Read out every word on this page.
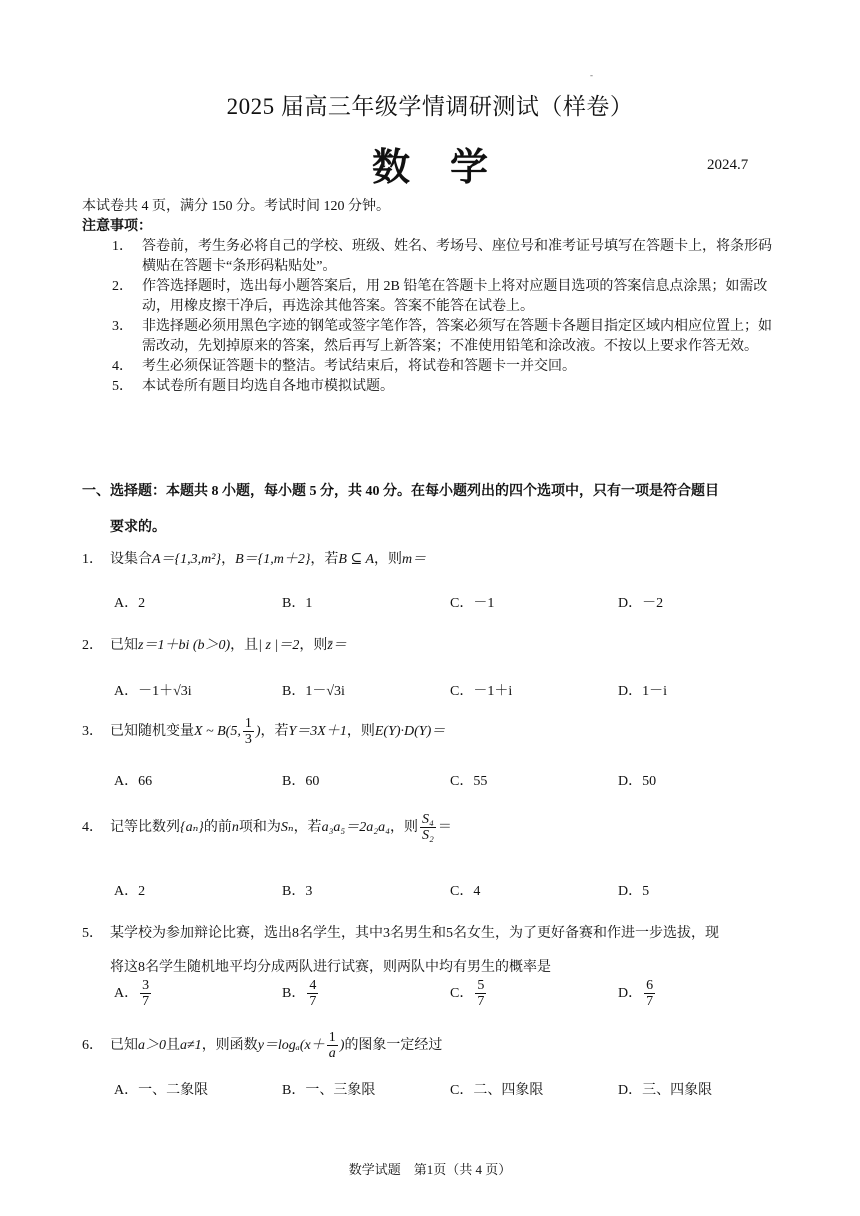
-
2025 届高三年级学情调研测试（样卷）
数学	2024.7
本试卷共 4 页，满分 150 分。考试时间 120 分钟。
注意事项：
1． 答卷前，考生务必将自己的学校、班级、姓名、考场号、座位号和准考证号填写在答题卡上，将条形码横贴在答题卡“条形码粘贴处”。
2． 作答选择题时，选出每小题答案后，用 2B 铅笔在答题卡上将对应题目选项的答案信息点涂黑；如需改动，用橡皮擦干净后，再选涂其他答案。答案不能答在试卷上。
3． 非选择题必须用黑色字迹的钢笔或签字笔作答，答案必须写在答题卡各题目指定区域内相应位置上；如需改动，先划掉原来的答案，然后再写上新答案；不准使用铅笔和涂改液。不按以上要求作答无效。
4． 考生必须保证答题卡的整洁。考试结束后，将试卷和答题卡一并交回。
5． 本试卷所有题目均选自各地市模拟试题。
一、选择题：本题共 8 小题，每小题 5 分，共 40 分。在每小题列出的四个选项中，只有一项是符合题目
要求的。
1． 设集合A＝{1,3,m²}，B＝{1,m＋2}，若B ⊆ A，则m＝
A．2	B．1	C．－1	D．－2
2． 已知z＝1＋bi (b＞0)，且| z |＝2，则z̄＝
A．－1＋√3i	B．1－√3i	C．－1＋i	D．1－i
3． 已知随机变量X ~ B(5, $\frac{1}{3}$ )，若Y＝3X＋1，则E(Y)·D(Y)＝
A．66	B．60	C．55	D．50
4． 记等比数列{aₙ}的前n项和为Sₙ，若a₃a₅＝2a₂a₄，则 $\frac{\text{S₄}}{\text{S₂}}$ ＝
A．2	B．3	C．4	D．5
5． 某学校为参加辩论比赛，选出8名学生，其中3名男生和5名女生，为了更好备赛和作进一步选拔，现
将这8名学生随机地平均分成两队进行试赛，则两队中均有男生的概率是
A． $\frac{3}{7}$	B． $\frac{4}{7}$	C． $\frac{5}{7}$	D． $\frac{6}{7}$
6． 已知a＞0且a≠1，则函数$y=\log_a(x+ \frac{1}{a}$ )的图象一定经过
A．一、二象限	B．一、三象限	C．二、四象限	D．三、四象限
数学试题　第1页（共 4 页）
